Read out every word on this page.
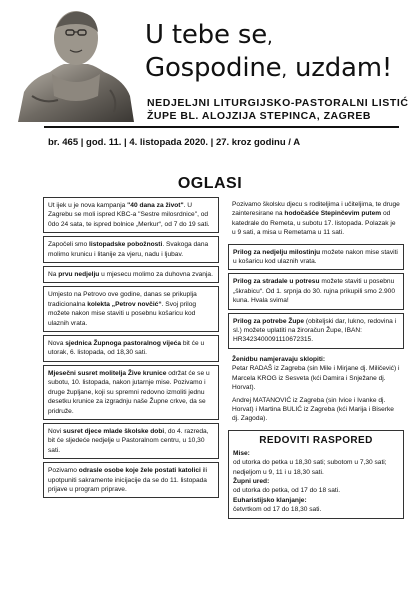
U tebe se,
Gospodine, uzdam!
NEDJELJNI LITURGIJSKO-PASTORALNI LISTIĆ
ŽUPE BL. ALOJZIJA STEPINCA, ZAGREB
br. 465 | god. 11. | 4. listopada 2020. | 27. kroz godinu / A
OGLASI
Ut ijek u je nova kampanja "40 dana za život". U Zagrebu se moli ispred KBC-a "Sestre milosrdnice", od 0do 24 sata, te ispred bolnice „Merkur“, od 7 do 19 sati.
Započeli smo listopadske pobožnosti. Svakoga dana molimo krunicu i litanije za vjeru, nadu i ljubav.
Na prvu nedjelju u mjesecu molimo za duhovna zvanja.
Umjesto na Petrovo ove godine, danas se prikuplja tradicionalna kolekta „Petrov novčić“. Svoj prilog možete nakon mise staviti u posebnu košaricu kod ulaznih vrata.
Nova sjednica Župnoga pastoralnog vijeća bit će u utorak, 6. listopada, od 18,30 sati.
Mjesečni susret molitelja Žive krunice održat će se u subotu, 10. listopada, nakon jutarnje mise. Pozivamo i druge župljane, koji su spremni redovno izmoliti jednu desetku krunice za izgradnju naše Župne crkve, da se pridruže.
Novi susret djece mlade školske dobi, do 4. razreda, bit će sljedeće nedjelje u Pastoralnom centru, u 10,30 sati.
Pozivamo odrasle osobe koje žele postati katolici ili upotpuniti sakramente inicijacije da se do 11. listopada prijave u program priprave.
Pozivamo školsku djecu s roditeljima i učiteljima, te druge zainteresirane na hodočašće Stepinčevim putem od katedrale do Remeta, u subotu 17. listopada. Polazak je u 9 sati, a misa u Remetama u 11 sati.
Prilog za nedjelju milostinju možete nakon mise staviti u košaricu kod ulaznih vrata.
Prilog za stradale u potresu možete staviti u posebnu „škrabicu“. Od 1. srpnja do 30. rujna prikupili smo 2.900 kuna. Hvala svima!
Prilog za potrebe Župe (obiteljski dar, lukno, redovina i sl.) možete uplatiti na žiroračun Župe, IBAN: HR3423400091110672315.
Ženidbu namjeravaju sklopiti:
Petar RADAŠ iz Zagreba (sin Mile i Mirjane dj. Miličević) i Marcela KROG iz Sesveta (kći Damira i Snježane dj. Horvat).
Andrej MATANOVIĆ iz Zagreba (sin Ivice i Ivanke dj. Horvat) i Martina BULIĆ iz Zagreba (kći Marija i Biserke dj. Zagoda).
REDOVITI RASPORED
Mise:
od utorka do petka u 18,30 sati; subotom u 7,30 sati; nedjeljom u 9, 11 i u 18,30 sati.
Župni ured:
od utorka do petka, od 17 do 18 sati.
Euharistijsko klanjanje:
četvrtkom od 17 do 18,30 sati.
